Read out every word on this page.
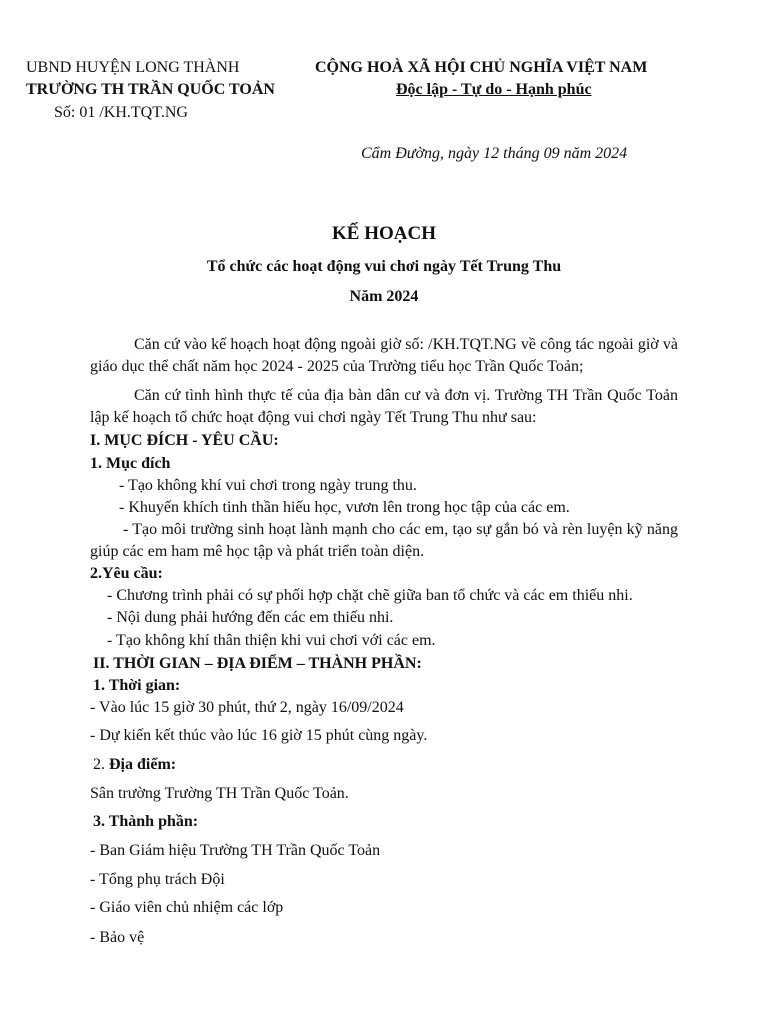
UBND HUYỆN LONG THÀNH
TRƯỜNG TH TRẦN QUỐC TOẢN
Số: 01 /KH.TQT.NG
CỘNG HOÀ XÃ HỘI CHỦ NGHĨA VIỆT NAM
Độc lập - Tự do - Hạnh phúc
Cẩm Đường, ngày 12 tháng 09 năm 2024
KẾ HOẠCH
Tổ chức các hoạt động vui chơi ngày Tết Trung Thu
Năm 2024
Căn cứ vào kế hoạch hoạt động ngoài giờ số: /KH.TQT.NG về công tác ngoài giờ và giáo dục thể chất năm học 2024 - 2025 của Trường tiểu học Trần Quốc Toản;
Căn cứ tình hình thực tế của địa bàn dân cư và đơn vị. Trường TH Trần Quốc Toản lập kế hoạch tổ chức hoạt động vui chơi ngày Tết Trung Thu như sau:
I. MỤC ĐÍCH - YÊU CẦU:
1. Mục đích
- Tạo không khí vui chơi trong ngày trung thu.
- Khuyến khích tinh thần hiếu học, vươn lên trong học tập của các em.
- Tạo môi trường sinh hoạt lành mạnh cho các em, tạo sự gắn bó và rèn luyện kỹ năng giúp các em ham mê học tập và phát triển toàn diện.
2.Yêu cầu:
- Chương trình phải có sự phối hợp chặt chẽ giữa ban tổ chức và các em thiếu nhi.
- Nội dung phải hướng đến các em thiếu nhi.
- Tạo không khí thân thiện khi vui chơi với các em.
II. THỜI GIAN – ĐỊA ĐIỂM – THÀNH PHẦN:
1. Thời gian:
- Vào lúc 15 giờ 30 phút, thứ 2, ngày 16/09/2024
- Dự kiến kết thúc vào lúc 16 giờ 15 phút cùng ngày.
2. Địa điểm:
Sân trường Trường TH Trần Quốc Toản.
3. Thành phần:
- Ban Giám hiệu Trường TH Trần Quốc Toản
- Tổng phụ trách Đội
- Giáo viên chủ nhiệm các lớp
- Bảo vệ
